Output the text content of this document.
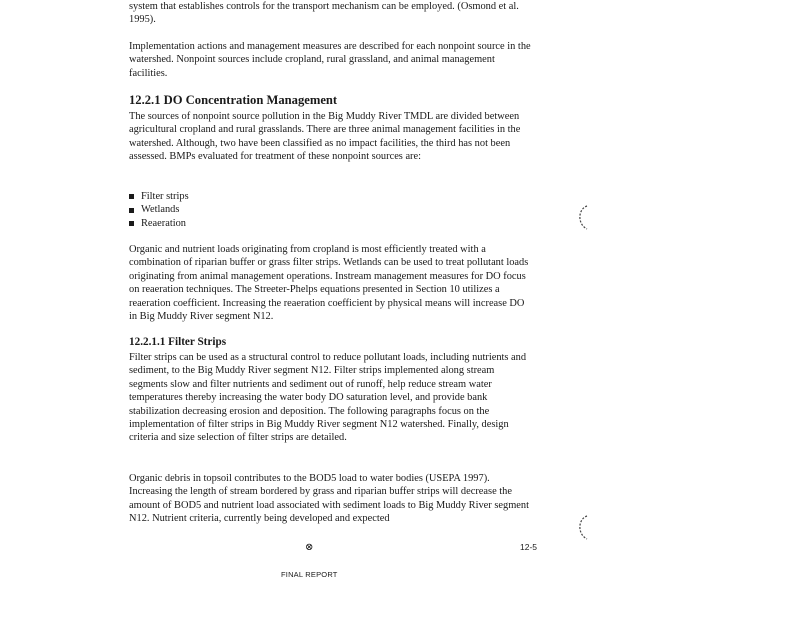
system that establishes controls for the transport mechanism can be employed. (Osmond et al. 1995).

Implementation actions and management measures are described for each nonpoint source in the watershed. Nonpoint sources include cropland, rural grassland, and animal management facilities.

12.2.1 DO Concentration Management

The sources of nonpoint source pollution in the Big Muddy River TMDL are divided between agricultural cropland and rural grasslands. There are three animal management facilities in the watershed. Although, two have been classified as no impact facilities, the third has not been assessed. BMPs evaluated for treatment of these nonpoint sources are:

Filter strips
Wetlands
Reaeration

Organic and nutrient loads originating from cropland is most efficiently treated with a combination of riparian buffer or grass filter strips. Wetlands can be used to treat pollutant loads originating from animal management operations. Instream management measures for DO focus on reaeration techniques. The Streeter-Phelps equations presented in Section 10 utilizes a reaeration coefficient. Increasing the reaeration coefficient by physical means will increase DO in Big Muddy River segment N12.

12.2.1.1 Filter Strips

Filter strips can be used as a structural control to reduce pollutant loads, including nutrients and sediment, to the Big Muddy River segment N12. Filter strips implemented along stream segments slow and filter nutrients and sediment out of runoff, help reduce stream water temperatures thereby increasing the water body DO saturation level, and provide bank stabilization decreasing erosion and deposition. The following paragraphs focus on the implementation of filter strips in Big Muddy River segment N12 watershed. Finally, design criteria and size selection of filter strips are detailed.

Organic debris in topsoil contributes to the BOD5 load to water bodies (USEPA 1997). Increasing the length of stream bordered by grass and riparian buffer strips will decrease the amount of BOD5 and nutrient load associated with sediment loads to Big Muddy River segment N12. Nutrient criteria, currently being developed and expected

⊗	12-5
FINAL REPORT
